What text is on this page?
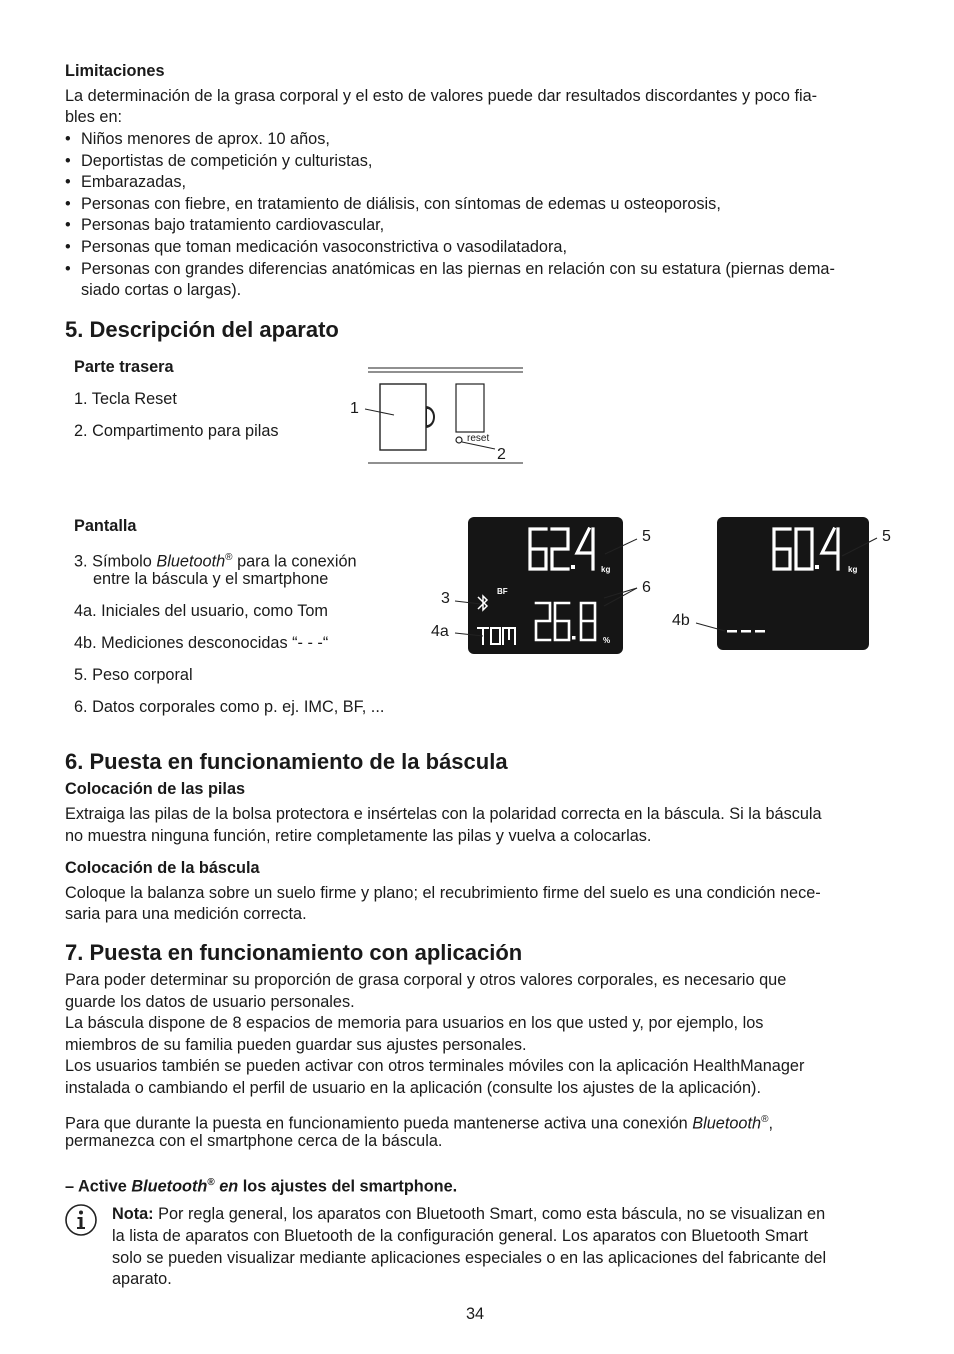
Limitaciones
La determinación de la grasa corporal y el esto de valores puede dar resultados discordantes y poco fia-
bles en:
• Niños menores de aprox. 10 años,
• Deportistas de competición y culturistas,
• Embarazadas,
• Personas con fiebre, en tratamiento de diálisis, con síntomas de edemas u osteoporosis,
• Personas bajo tratamiento cardiovascular,
• Personas que toman medicación vasoconstrictiva o vasodilatadora,
• Personas con grandes diferencias anatómicas en las piernas en relación con su estatura (piernas dema-
siado cortas o largas).
5. Descripción del aparato
Parte trasera
1. Tecla Reset
2. Compartimento para pilas
1
reset
2
Pantalla
3. Símbolo Bluetooth® para la conexión
entre la báscula y el smartphone
4a. Iniciales del usuario, como Tom
4b. Mediciones desconocidas “- - -“
5. Peso corporal
6. Datos corporales como p. ej. IMC, BF, ...
kg
BF
%
5
6
3
4a
kg
5
4b
6. Puesta en funcionamiento de la báscula
Colocación de las pilas
Extraiga las pilas de la bolsa protectora e insértelas con la polaridad correcta en la báscula. Si la báscula
no muestra ninguna función, retire completamente las pilas y vuelva a colocarlas.
Colocación de la báscula
Coloque la balanza sobre un suelo firme y plano; el recubrimiento firme del suelo es una condición nece-
saria para una medición correcta.
7. Puesta en funcionamiento con aplicación
Para poder determinar su proporción de grasa corporal y otros valores corporales, es necesario que
guarde los datos de usuario personales.
La báscula dispone de 8 espacios de memoria para usuarios en los que usted y, por ejemplo, los
miembros de su familia pueden guardar sus ajustes personales.
Los usuarios también se pueden activar con otros terminales móviles con la aplicación HealthManager
instalada o cambiando el perfil de usuario en la aplicación (consulte los ajustes de la aplicación).
Para que durante la puesta en funcionamiento pueda mantenerse activa una conexión Bluetooth®,
permanezca con el smartphone cerca de la báscula.
– Active Bluetooth® en los ajustes del smartphone.
Nota: Por regla general, los aparatos con Bluetooth Smart, como esta báscula, no se visualizan en
la lista de aparatos con Bluetooth de la configuración general. Los aparatos con Bluetooth Smart
solo se pueden visualizar mediante aplicaciones especiales o en las aplicaciones del fabricante del
aparato.
34
